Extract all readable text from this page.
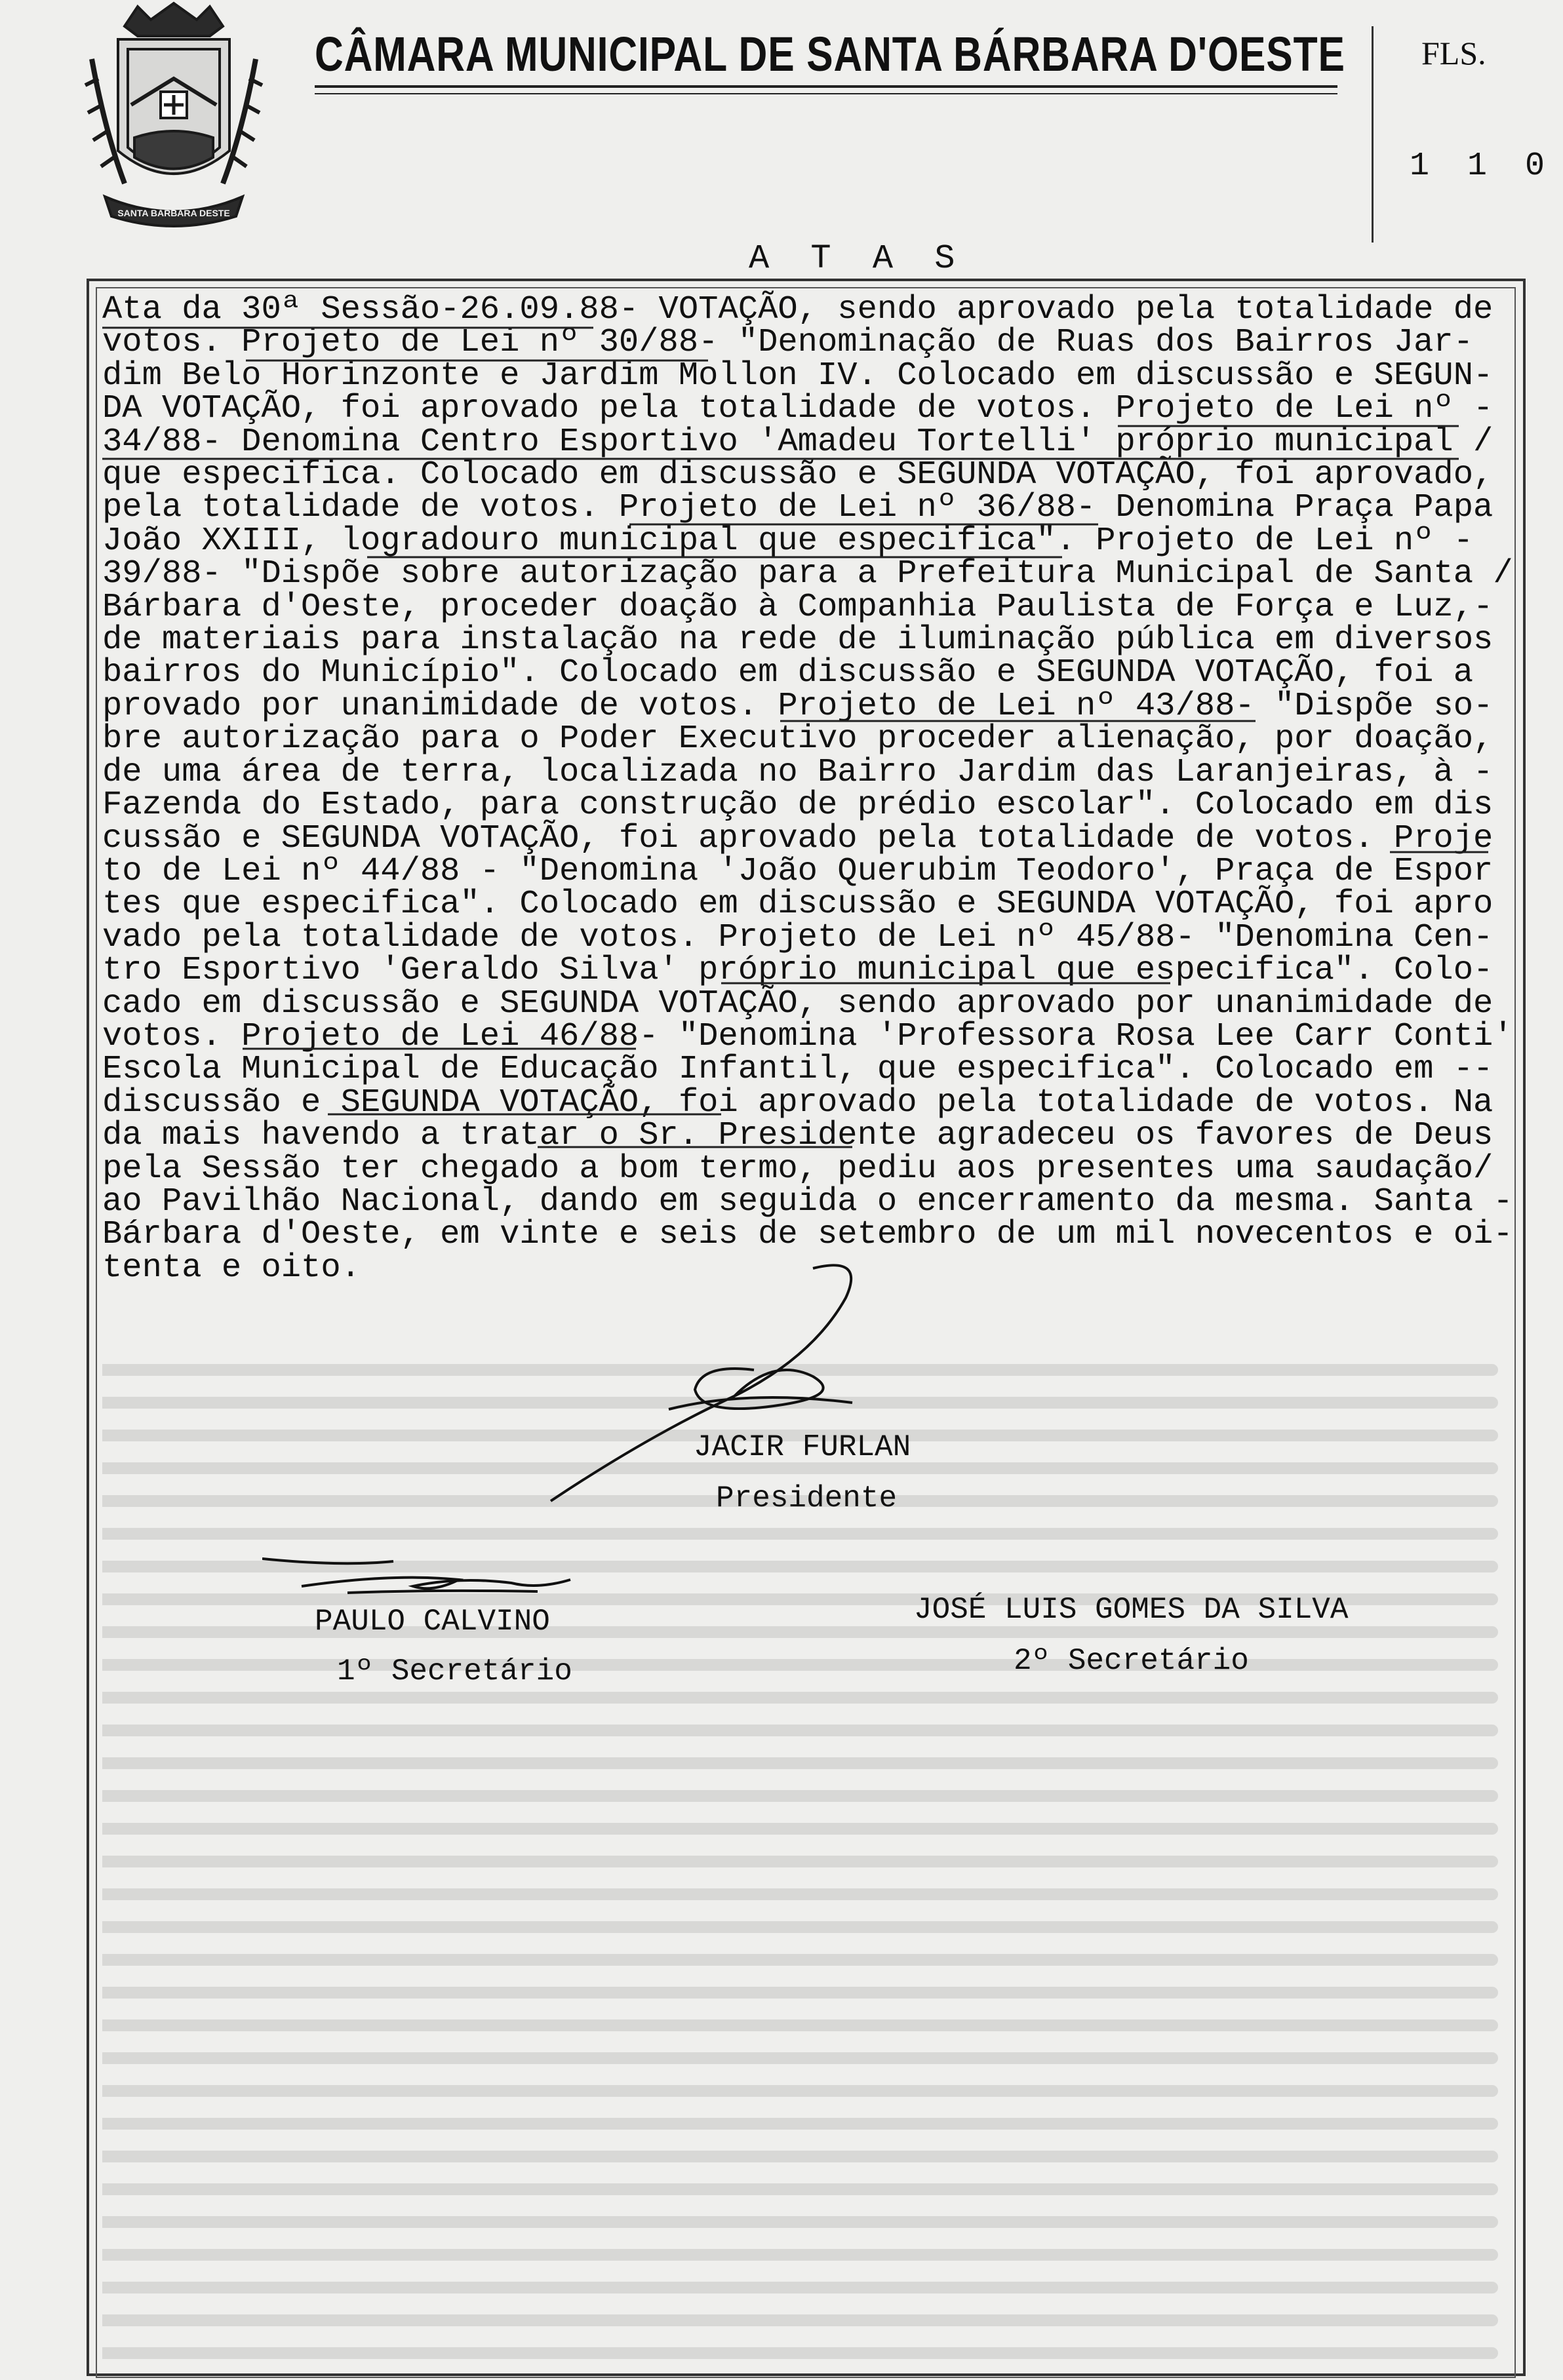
SANTA BARBARA DESTE
CÂMARA MUNICIPAL DE SANTA BÁRBARA D'OESTE FLS.
1 1 0
A T A S
Ata da 30ª Sessão-26.09.88- VOTAÇÃO, sendo aprovado pela totalidade de
votos. Projeto de Lei nº 30/88- "Denominação de Ruas dos Bairros Jar-
dim Belo Horinzonte e Jardim Mollon IV. Colocado em discussão e SEGUN-
DA VOTAÇÃO, foi aprovado pela totalidade de votos. Projeto de Lei nº -
34/88- Denomina Centro Esportivo 'Amadeu Tortelli' próprio municipal /
que especifica. Colocado em discussão e SEGUNDA VOTAÇÃO, foi aprovado,
pela totalidade de votos. Projeto de Lei nº 36/88- Denomina Praça Papa
João XXIII, logradouro municipal que especifica". Projeto de Lei nº -
39/88- "Dispõe sobre autorização para a Prefeitura Municipal de Santa /
Bárbara d'Oeste, proceder doação à Companhia Paulista de Força e Luz,-
de materiais para instalação na rede de iluminação pública em diversos
bairros do Município". Colocado em discussão e SEGUNDA VOTAÇÃO, foi a
provado por unanimidade de votos. Projeto de Lei nº 43/88- "Dispõe so-
bre autorização para o Poder Executivo proceder alienação, por doação,
de uma área de terra, localizada no Bairro Jardim das Laranjeiras, à -
Fazenda do Estado, para construção de prédio escolar". Colocado em dis
cussão e SEGUNDA VOTAÇÃO, foi aprovado pela totalidade de votos. Proje
to de Lei nº 44/88 - "Denomina 'João Querubim Teodoro', Praça de Espor
tes que especifica". Colocado em discussão e SEGUNDA VOTAÇÃO, foi apro
vado pela totalidade de votos. Projeto de Lei nº 45/88- "Denomina Cen-
tro Esportivo 'Geraldo Silva' próprio municipal que especifica". Colo-
cado em discussão e SEGUNDA VOTAÇÃO, sendo aprovado por unanimidade de
votos. Projeto de Lei 46/88- "Denomina 'Professora Rosa Lee Carr Conti'
Escola Municipal de Educação Infantil, que especifica". Colocado em --
discussão e SEGUNDA VOTAÇÃO, foi aprovado pela totalidade de votos. Na
da mais havendo a tratar o Sr. Presidente agradeceu os favores de Deus
pela Sessão ter chegado a bom termo, pediu aos presentes uma saudação/
ao Pavilhão Nacional, dando em seguida o encerramento da mesma. Santa -
Bárbara d'Oeste, em vinte e seis de setembro de um mil novecentos e oi-
tenta e oito.
JACIR FURLAN
Presidente
PAULO CALVINO
1º Secretário
JOSÉ LUIS GOMES DA SILVA
2º Secretário
